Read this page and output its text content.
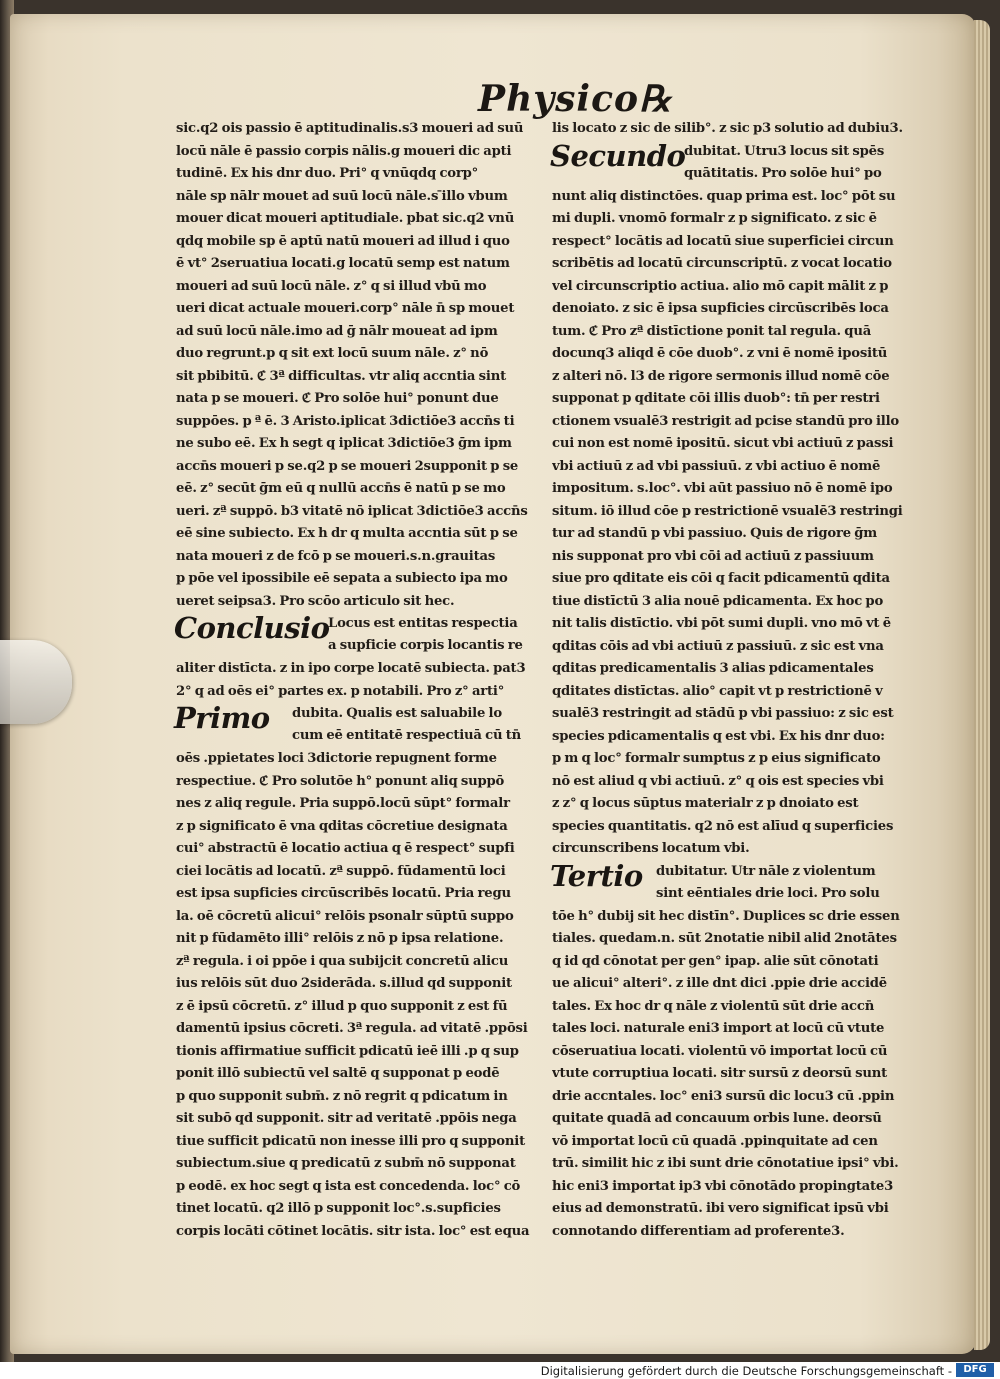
Physico℞
sic.q2 ois passio ē aptitudinalis.s3 moueri ad suū
locū nāle ē passio corpis nālis.g moueri dic apti
tudinē. Ex his dnr duo. Pri° q vnūqdq corp°
nāle sp nālr mouet ad suū locū nāle.s ̄illo vbum
mouer dicat moueri aptitudiale. pbat sic.q2 vnū
qdq mobile sp ē aptū natū moueri ad illud i quo
ē vt° 2seruatiua locati.g locatū semp est natum
moueri ad suū locū nāle. z° q si illud vbū mo
ueri dicat actuale moueri.corp° nāle n̄ sp mouet
ad suū locū nāle.imo ad ḡ nālr moueat ad ipm
duo regrunt.p q sit ext locū suum nāle. z° nō
sit pbibitū. ℭ 3ª difficultas. vtr aliq accntia sint
nata p se moueri. ℭ Pro solōe hui° ponunt due
suppōes. p ª ē. 3 Aristo.iplicat 3dictiōe3 accn̄s ti
ne subo eē. Ex h segt q iplicat 3dictiōe3 ḡm ipm
accn̄s moueri p se.q2 p se moueri 2supponit p se
eē. z° secūt ḡm eū q nullū accn̄s ē natū p se mo
ueri. zª suppō. b3 vitatē nō iplicat 3dictiōe3 accn̄s
eē sine subiecto. Ex h dr q multa accntia sūt p se
nata moueri z de fcō p se moueri.s.n.grauitas
p pōe vel ipossibile eē sepata a subiecto ipa mo
ueret seipsa3. Pro scōo articulo sit hec.
Conclusio
Locus est entitas respectia
a supficie corpis locantis re
aliter distīcta. z in ipo corpe locatē subiecta. pat3
2° q ad oēs ei° partes ex. p notabili. Pro z° arti°
Primo dubita. Qualis est saluabile lo
cum eē entitatē respectiuā cū tn̄
oēs .ppietates loci 3dictorie repugnent forme
respectiue. ℭ Pro solutōe h° ponunt aliq suppō
nes z aliq regule. Pria suppō.locū sūpt° formalr
z p significato ē vna qditas cōcretiue designata
cui° abstractū ē locatio actiua q ē respect° supfi
ciei locātis ad locatū. zª suppō. fūdamentū loci
est ipsa supficies circūscribēs locatū. Pria regu
la. oē cōcretū alicui° relōis psonalr sūptū suppo
nit p fūdamēto illi° relōis z nō p ipsa relatione.
zª regula. i oi ppōe i qua subijcit concretū alicu
ius relōis sūt duo 2siderāda. s.illud qd supponit
z ē ipsū cōcretū. z° illud p quo supponit z est fū
damentū ipsius cōcreti. 3ª regula. ad vitatē .ppōsi
tionis affirmatiue sufficit pdicatū ieē illi .p q sup
ponit illō subiectū vel saltē q supponat p eodē
p quo supponit subm̄. z nō regrit q pdicatum in
sit subō qd supponit. sitr ad veritatē .ppōis nega
tiue sufficit pdicatū non inesse illi pro q supponit
subiectum.siue q predicatū z subm̄ nō supponat
p eodē. ex hoc segt q ista est concedenda. loc° cō
tinet locatū. q2 illō p supponit loc°.s.supficies
corpis locāti cōtinet locātis. sitr ista. loc° est equa
lis locato z sic de silib°. z sic p3 solutio ad dubiu3.
Secundo
dubitat. Utru3 locus sit spēs
quātitatis. Pro solōe hui° po
nunt aliq distinctōes. quap prima est. loc° pōt su
mi dupli. vnomō formalr z p significato. z sic ē
respect° locātis ad locatū siue superficiei circun
scribētis ad locatū circunscriptū. z vocat locatio
vel circunscriptio actiua. alio mō capit mālit z p
denoiato. z sic ē ipsa supficies circūscribēs loca
tum. ℭ Pro zª distīctione ponit tal regula. quā
docunq3 aliqd ē cōe duob°. z vni ē nomē ipositū
z alteri nō. l3 de rigore sermonis illud nomē cōe
supponat p qditate cōi illis duob°: tn̄ per restri
ctionem vsualē3 restrigit ad pcise standū pro illo
cui non est nomē ipositū. sicut vbi actiuū z passi
vbi actiuū z ad vbi passiuū. z vbi actiuo ē nomē
impositum. s.loc°. vbi aūt passiuo nō ē nomē ipo
situm. iō illud cōe p restrictionē vsualē3 restringi
tur ad standū p vbi passiuo. Quis de rigore ḡm
nis supponat pro vbi cōi ad actiuū z passiuum
siue pro qditate eis cōi q facit pdicamentū qdita
tiue distīctū 3 alia nouē pdicamenta. Ex hoc po
nit talis distīctio. vbi pōt sumi dupli. vno mō vt ē
qditas cōis ad vbi actiuū z passiuū. z sic est vna
qditas predicamentalis 3 alias pdicamentales
qditates distīctas. alio° capit vt p restrictionē v
sualē3 restringit ad stādū p vbi passiuo: z sic est
species pdicamentalis q est vbi. Ex his dnr duo:
p m q loc° formalr sumptus z p eius significato
nō est aliud q vbi actiuū. z° q ois est species vbi
z z° q locus sūptus materialr z p dnoiato est
species quantitatis. q2 nō est alīud q superficies
circunscribens locatum vbi.
Tertio dubitatur. Utr nāle z violentum
sint eēntiales drie loci. Pro solu
tōe h° dubij sit hec distīn°. Duplices sc drie essen
tiales. quedam.n. sūt 2notatie nibil alid 2notātes
q id qd cōnotat per gen° ipap. alie sūt cōnotati
ue alicui° alteri°. z ille dnt dici .ppie drie accidē
tales. Ex hoc dr q nāle z violentū sūt drie accn̄
tales loci. naturale eni3 import at locū cū vtute
cōseruatiua locati. violentū vō importat locū cū
vtute corruptiua locati. sitr sursū z deorsū sunt
drie accntales. loc° eni3 sursū dic locu3 cū .ppin
quitate quadā ad concauum orbis lune. deorsū
vō importat locū cū quadā .ppinquitate ad cen
trū. similit hic z ibi sunt drie cōnotatiue ipsi° vbi.
hic eni3 importat ip3 vbi cōnotādo propingtate3
eius ad demonstratū. ibi vero significat ipsū vbi
connotando differentiam ad proferente3.
Digitalisierung gefördert durch die Deutsche Forschungsgemeinschaft -	DFG
